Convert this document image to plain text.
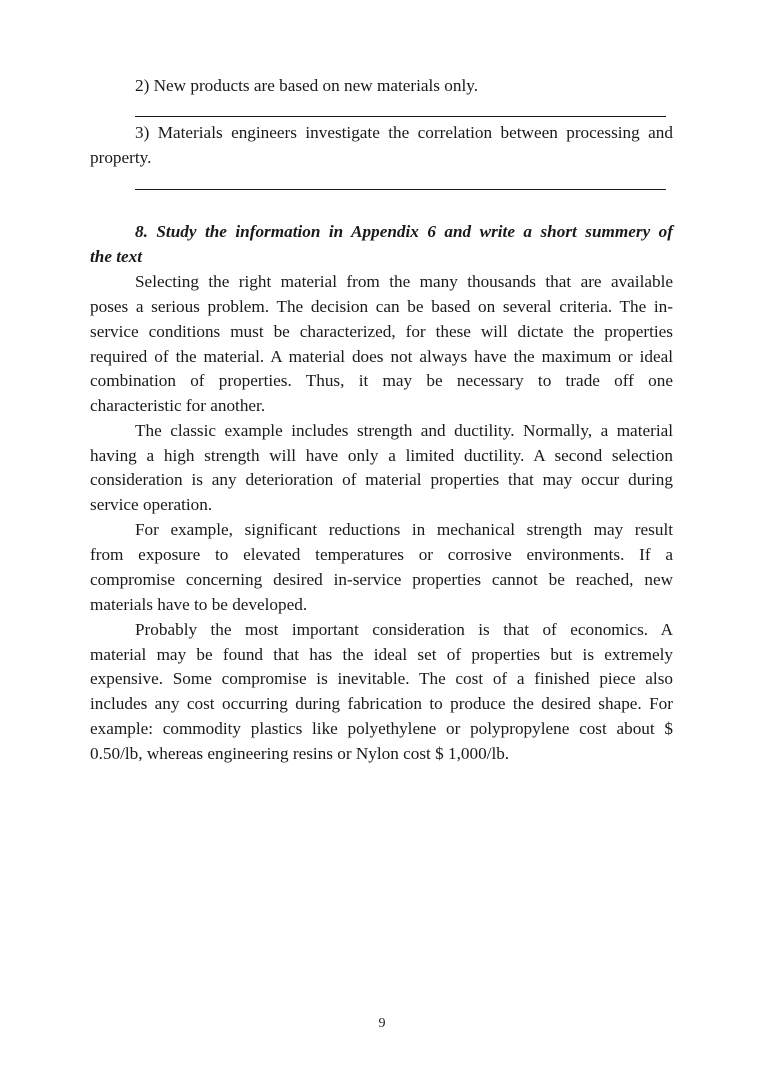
2) New products are based on new materials only.
3) Materials engineers investigate the correlation between processing and
property.
8. Study the information in Appendix 6 and write a short summery of
the text
Selecting the right material from the many thousands that are available
poses a serious problem. The decision can be based on several criteria. The in-
service conditions must be characterized, for these will dictate the properties
required of the material. A material does not always have the maximum or ideal
combination of properties. Thus, it may be necessary to trade off one
characteristic for another.
The classic example includes strength and ductility. Normally, a material
having a high strength will have only a limited ductility. A second selection
consideration is any deterioration of material properties that may occur during
service operation.
For example, significant reductions in mechanical strength may result
from exposure to elevated temperatures or corrosive environments. If a
compromise concerning desired in-service properties cannot be reached, new
materials have to be developed.
Probably the most important consideration is that of economics. A
material may be found that has the ideal set of properties but is extremely
expensive. Some compromise is inevitable. The cost of a finished piece also
includes any cost occurring during fabrication to produce the desired shape. For
example: commodity plastics like polyethylene or polypropylene cost about $
0.50/lb, whereas engineering resins or Nylon cost $ 1,000/lb.
9
